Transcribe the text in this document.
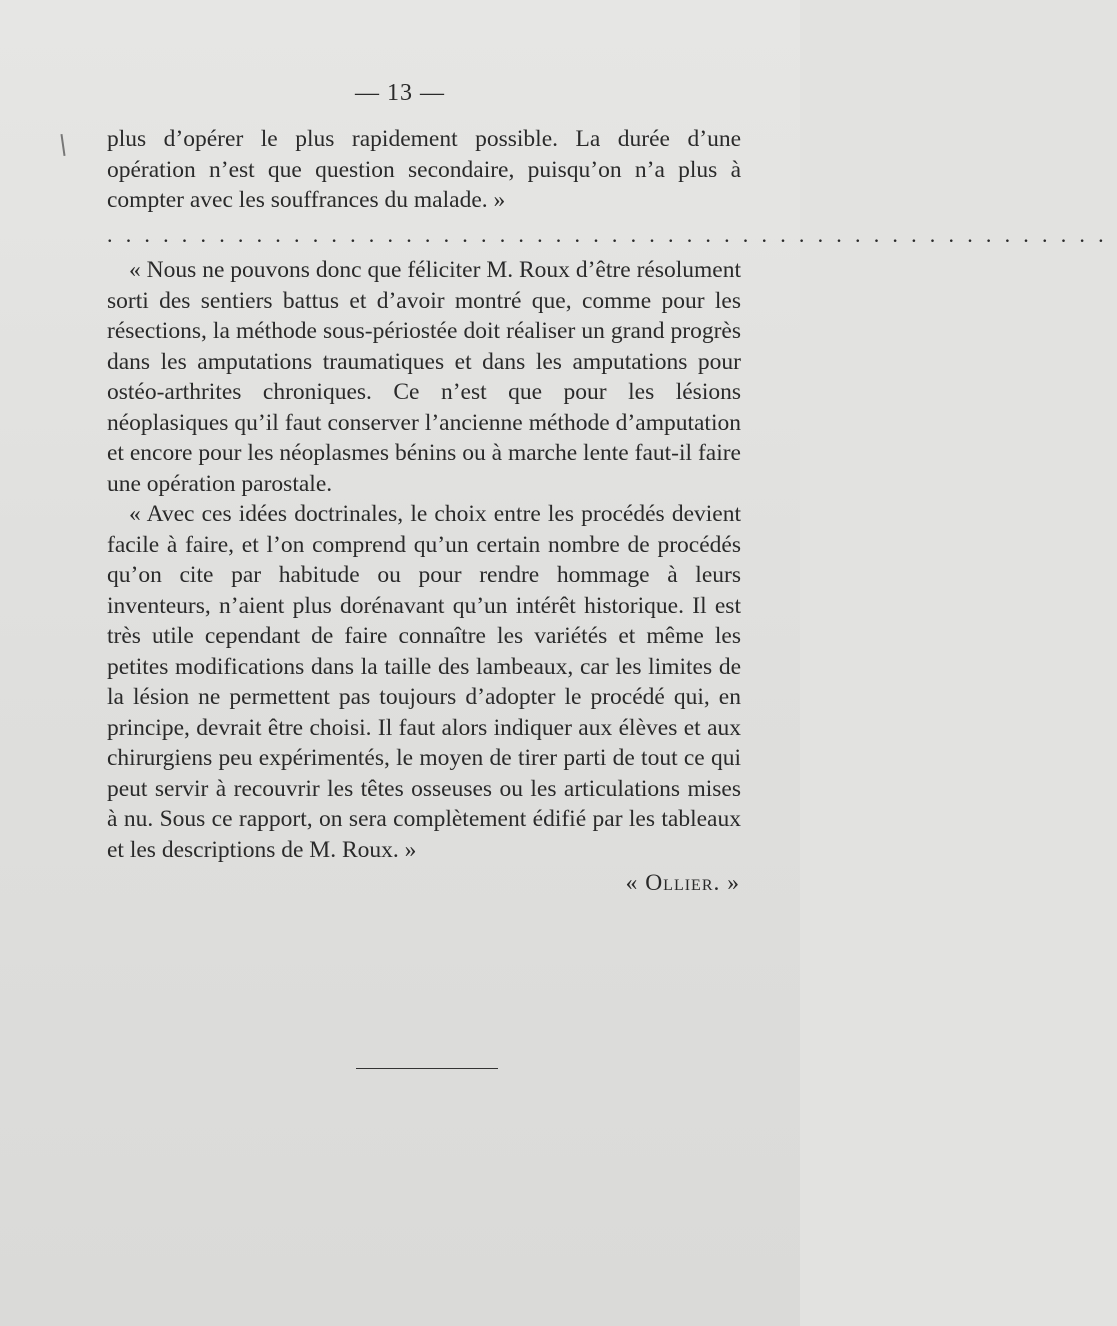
— 13 —

plus d’opérer le plus rapidement possible. La durée d’une opération n’est que question secondaire, puisqu’on n’a plus à compter avec les souffrances du malade. »

......................................................

« Nous ne pouvons donc que féliciter M. Roux d’être résolument sorti des sentiers battus et d’avoir montré que, comme pour les résections, la méthode sous-périostée doit réaliser un grand progrès dans les amputations traumatiques et dans les amputations pour ostéo-arthrites chroniques. Ce n’est que pour les lésions néoplasiques qu’il faut conserver l’ancienne méthode d’amputation et encore pour les néoplasmes bénins ou à marche lente faut-il faire une opération parostale.

« Avec ces idées doctrinales, le choix entre les procédés devient facile à faire, et l’on comprend qu’un certain nombre de procédés qu’on cite par habitude ou pour rendre hommage à leurs inventeurs, n’aient plus dorénavant qu’un intérêt historique. Il est très utile cependant de faire connaître les variétés et même les petites modifications dans la taille des lambeaux, car les limites de la lésion ne permettent pas toujours d’adopter le procédé qui, en principe, devrait être choisi. Il faut alors indiquer aux élèves et aux chirurgiens peu expérimentés, le moyen de tirer parti de tout ce qui peut servir à recouvrir les têtes osseuses ou les articulations mises à nu. Sous ce rapport, on sera complètement édifié par les tableaux et les descriptions de M. Roux. »

« Ollier. »
